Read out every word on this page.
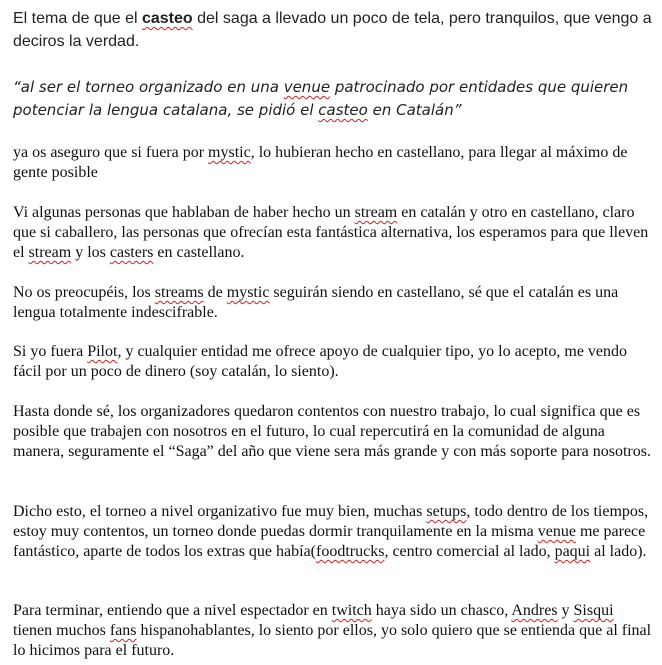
El tema de que el casteo del saga a llevado un poco de tela, pero tranquilos, que vengo a deciros la verdad.

“al ser el torneo organizado en una venue patrocinado por entidades que quieren potenciar la lengua catalana, se pidió el casteo en Catalán”

ya os aseguro que si fuera por mystic, lo hubieran hecho en castellano, para llegar al máximo de gente posible

Vi algunas personas que hablaban de haber hecho un stream en catalán y otro en castellano, claro que si caballero, las personas que ofrecían esta fantástica alternativa, los esperamos para que lleven el stream y los casters en castellano.

No os preocupéis, los streams de mystic seguirán siendo en castellano, sé que el catalán es una lengua totalmente indescifrable.

Si yo fuera Pilot, y cualquier entidad me ofrece apoyo de cualquier tipo, yo lo acepto, me vendo fácil por un poco de dinero (soy catalán, lo siento).

Hasta donde sé, los organizadores quedaron contentos con nuestro trabajo, lo cual significa que es posible que trabajen con nosotros en el futuro, lo cual repercutirá en la comunidad de alguna manera, seguramente el “Saga” del año que viene sera más grande y con más soporte para nosotros.

Dicho esto, el torneo a nivel organizativo fue muy bien, muchas setups, todo dentro de los tiempos, estoy muy contentos, un torneo donde puedas dormir tranquilamente en la misma venue me parece fantástico, aparte de todos los extras que había(foodtrucks, centro comercial al lado, paqui al lado).

Para terminar, entiendo que a nivel espectador en twitch haya sido un chasco, Andres y Sisqui tienen muchos fans hispanohablantes, lo siento por ellos, yo solo quiero que se entienda que al final lo hicimos para el futuro.
